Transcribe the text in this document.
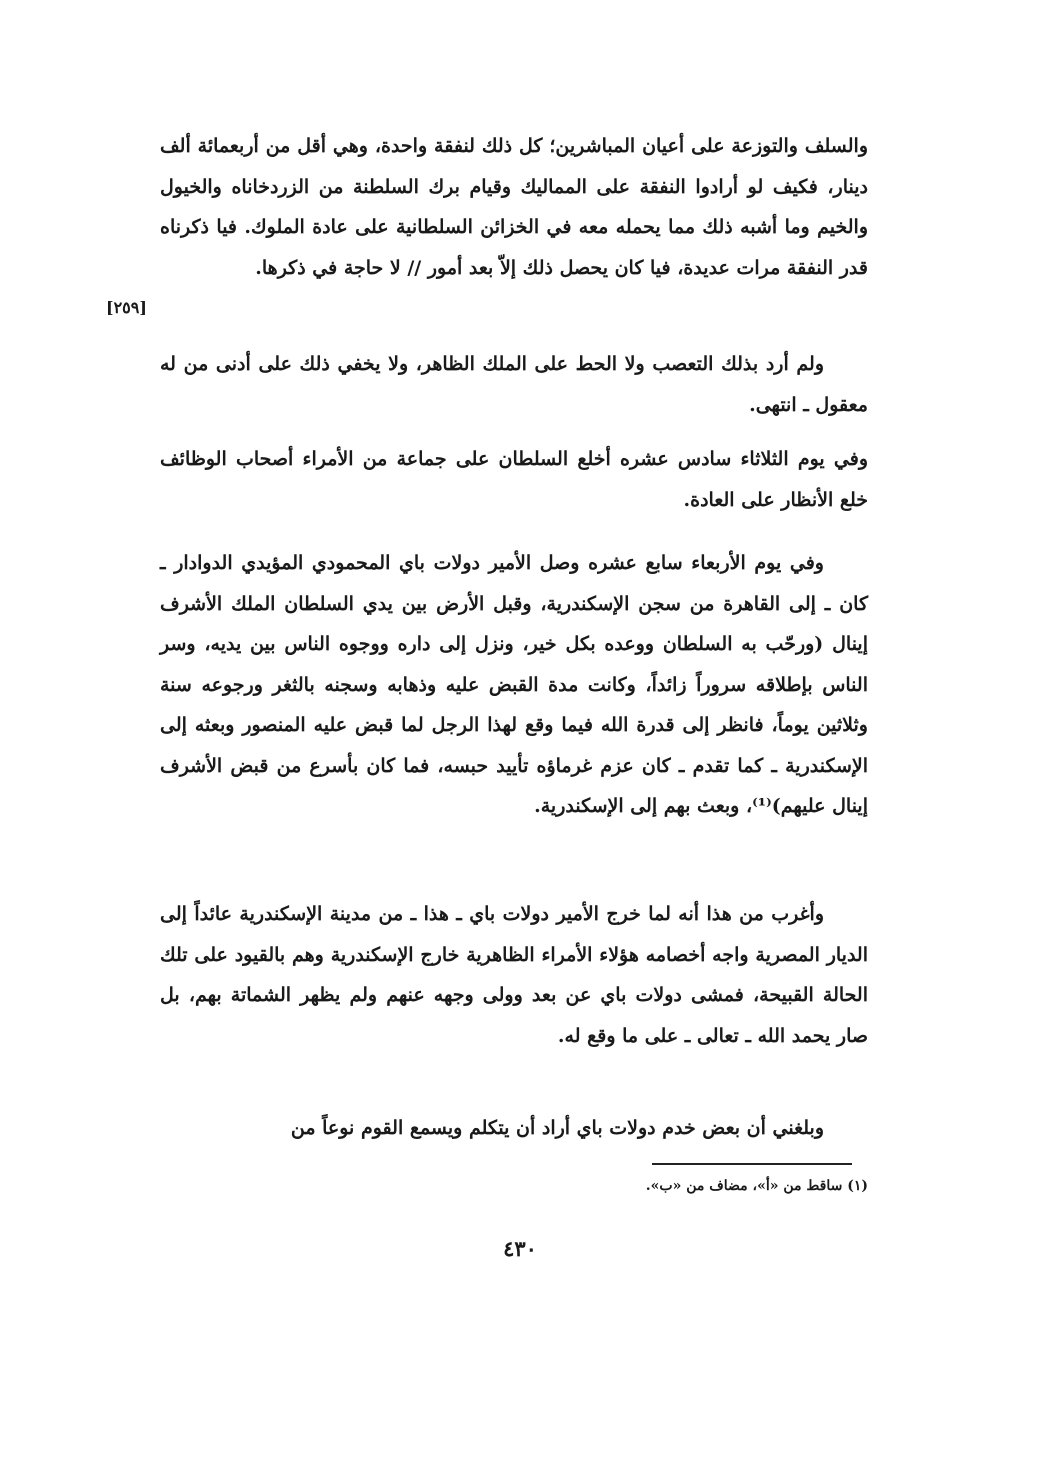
والسلف والتوزعة على أعيان المباشرين؛ كل ذلك لنفقة واحدة، وهي أقل من أربعمائة ألف دينار، فكيف لو أرادوا النفقة على المماليك وقيام برك السلطنة من الزردخاناه والخيول والخيم وما أشبه ذلك مما يحمله معه في الخزائن السلطانية على عادة الملوك. فيا ذكرناه قدر النفقة مرات عديدة، فيا كان يحصل ذلك إلاّ بعد أمور // لا حاجة في ذكرها.

[٢٥٩]

ولم أرد بذلك التعصب ولا الحط على الملك الظاهر، ولا يخفي ذلك على أدنى من له معقول ـ انتهى.

وفي يوم الثلاثاء سادس عشره أخلع السلطان على جماعة من الأمراء أصحاب الوظائف خلع الأنظار على العادة.

وفي يوم الأربعاء سابع عشره وصل الأمير دولات باي المحمودي المؤيدي الدوادار ـ كان ـ إلى القاهرة من سجن الإسكندرية، وقبل الأرض بين يدي السلطان الملك الأشرف إينال (ورحّب به السلطان ووعده بكل خير، ونزل إلى داره ووجوه الناس بين يديه، وسر الناس بإطلاقه سروراً زائداً، وكانت مدة القبض عليه وذهابه وسجنه بالثغر ورجوعه سنة وثلاثين يوماً، فانظر إلى قدرة الله فيما وقع لهذا الرجل لما قبض عليه المنصور وبعثه إلى الإسكندرية ـ كما تقدم ـ كان عزم غرماؤه تأييد حبسه، فما كان بأسرع من قبض الأشرف إينال عليهم)⁽¹⁾، وبعث بهم إلى الإسكندرية.

وأغرب من هذا أنه لما خرج الأمير دولات باي ـ هذا ـ من مدينة الإسكندرية عائداً إلى الديار المصرية واجه أخصامه هؤلاء الأمراء الظاهرية خارج الإسكندرية وهم بالقيود على تلك الحالة القبيحة، فمشى دولات باي عن بعد وولى وجهه عنهم ولم يظهر الشماتة بهم، بل صار يحمد الله ـ تعالى ـ على ما وقع له.

وبلغني أن بعض خدم دولات باي أراد أن يتكلم ويسمع القوم نوعاً من

(١) ساقط من «أ»، مضاف من «ب».
٤٣٠
